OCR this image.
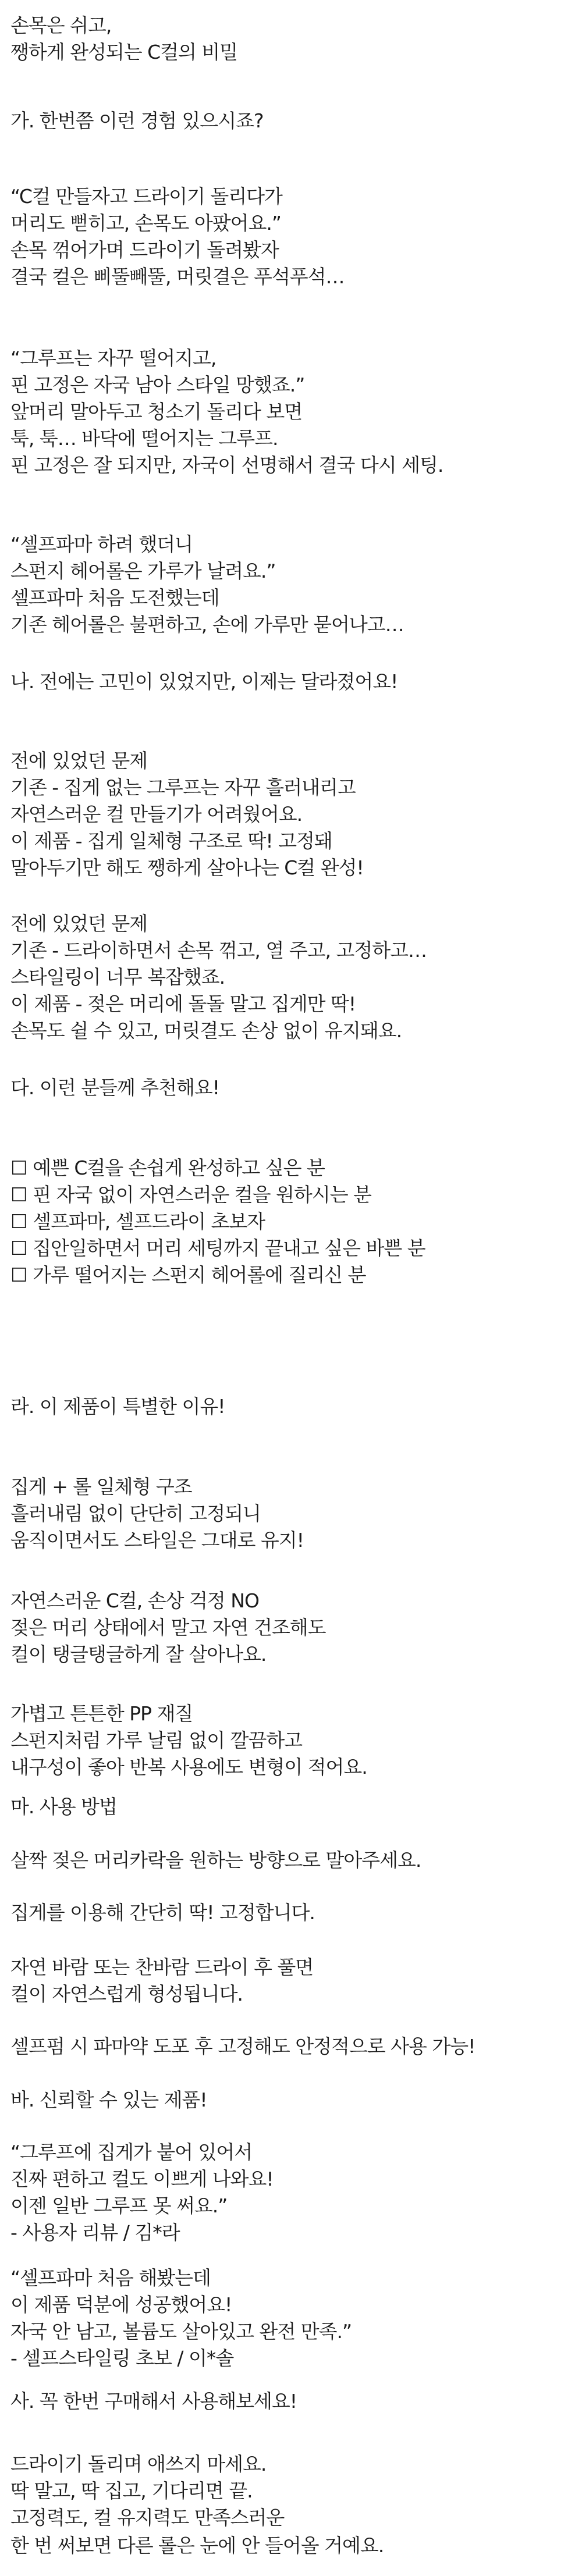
손목은 쉬고,
쨍하게 완성되는 C컬의 비밀
가. 한번쯤 이런 경험 있으시죠?
“C컬 만들자고 드라이기 돌리다가
머리도 뻗히고, 손목도 아팠어요.”
손목 꺾어가며 드라이기 돌려봤자
결국 컬은 삐뚤빼뚤, 머릿결은 푸석푸석…
“그루프는 자꾸 떨어지고,
핀 고정은 자국 남아 스타일 망했죠.”
앞머리 말아두고 청소기 돌리다 보면
툭, 툭… 바닥에 떨어지는 그루프.
핀 고정은 잘 되지만, 자국이 선명해서 결국 다시 세팅.
“셀프파마 하려 했더니
스펀지 헤어롤은 가루가 날려요.”
셀프파마 처음 도전했는데
기존 헤어롤은 불편하고, 손에 가루만 묻어나고…
나. 전에는 고민이 있었지만, 이제는 달라졌어요!
전에 있었던 문제
기존 - 집게 없는 그루프는 자꾸 흘러내리고
자연스러운 컬 만들기가 어려웠어요.
이 제품 - 집게 일체형 구조로 딱! 고정돼
말아두기만 해도 쨍하게 살아나는 C컬 완성!
전에 있었던 문제
기존 - 드라이하면서 손목 꺾고, 열 주고, 고정하고…
스타일링이 너무 복잡했죠.
이 제품 - 젖은 머리에 돌돌 말고 집게만 딱!
손목도 쉴 수 있고, 머릿결도 손상 없이 유지돼요.
다. 이런 분들께 추천해요!
☐ 예쁜 C컬을 손쉽게 완성하고 싶은 분
☐ 핀 자국 없이 자연스러운 컬을 원하시는 분
☐ 셀프파마, 셀프드라이 초보자
☐ 집안일하면서 머리 세팅까지 끝내고 싶은 바쁜 분
☐ 가루 떨어지는 스펀지 헤어롤에 질리신 분
라. 이 제품이 특별한 이유!
집게 + 롤 일체형 구조
흘러내림 없이 단단히 고정되니
움직이면서도 스타일은 그대로 유지!
자연스러운 C컬, 손상 걱정 NO
젖은 머리 상태에서 말고 자연 건조해도
컬이 탱글탱글하게 잘 살아나요.
가볍고 튼튼한 PP 재질
스펀지처럼 가루 날림 없이 깔끔하고
내구성이 좋아 반복 사용에도 변형이 적어요.
마. 사용 방법
살짝 젖은 머리카락을 원하는 방향으로 말아주세요.
집게를 이용해 간단히 딱! 고정합니다.
자연 바람 또는 찬바람 드라이 후 풀면
컬이 자연스럽게 형성됩니다.
셀프펌 시 파마약 도포 후 고정해도 안정적으로 사용 가능!
바. 신뢰할 수 있는 제품!
“그루프에 집게가 붙어 있어서
진짜 편하고 컬도 이쁘게 나와요!
이젠 일반 그루프 못 써요.”
- 사용자 리뷰 / 김*라
“셀프파마 처음 해봤는데
이 제품 덕분에 성공했어요!
자국 안 남고, 볼륨도 살아있고 완전 만족.”
- 셀프스타일링 초보 / 이*솔
사. 꼭 한번 구매해서 사용해보세요!
드라이기 돌리며 애쓰지 마세요.
딱 말고, 딱 집고, 기다리면 끝.
고정력도, 컬 유지력도 만족스러운
한 번 써보면 다른 롤은 눈에 안 들어올 거예요.
